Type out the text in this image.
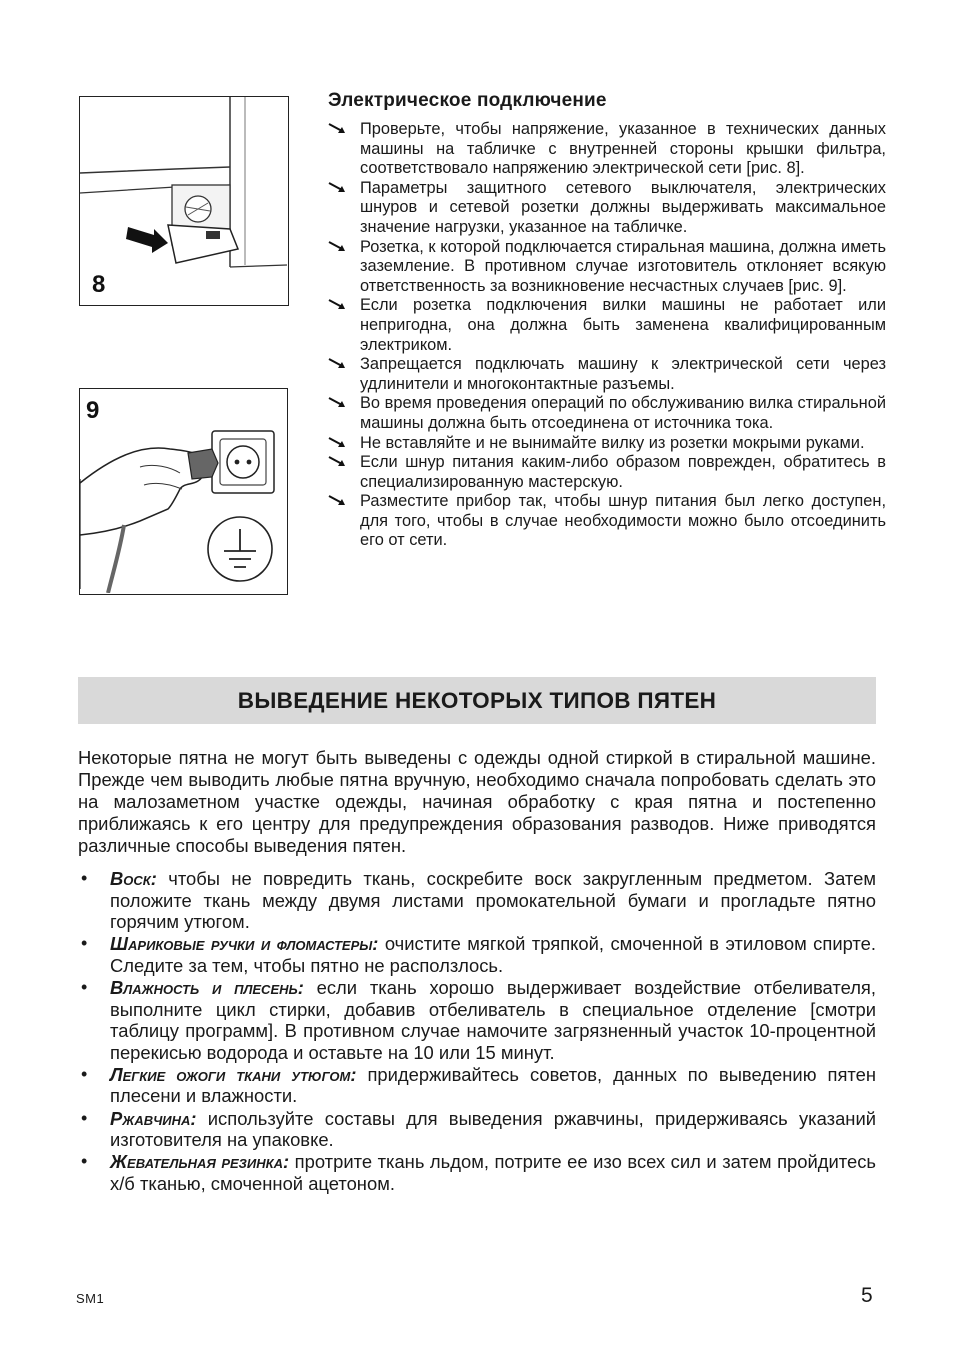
8
9
Электрическое подключение
Проверьте, чтобы напряжение, указанное в технических данных машины на табличке с внутренней стороны крышки фильтра, соответствовало напряжению электрической сети [рис. 8].
Параметры защитного сетевого выключателя, электрических шнуров и сетевой розетки должны выдерживать максимальное значение нагрузки, указанное на табличке.
Розетка, к которой подключается стиральная машина, должна иметь заземление. В противном случае изготовитель отклоняет всякую ответственность за возникновение несчастных случаев [рис. 9].
Если розетка подключения вилки машины не работает или непригодна, она должна быть заменена квалифицированным электриком.
Запрещается подключать машину к электрической сети через удлинители и многоконтактные разъемы.
Во время проведения операций по обслуживанию вилка стиральной машины должна быть отсоединена от источника тока.
Не вставляйте и не вынимайте вилку из розетки мокрыми руками.
Если шнур питания каким-либо образом поврежден, обратитесь в специализированную мастерскую.
Разместите прибор так, чтобы шнур питания был легко доступен, для того, чтобы в случае необходимости можно было отсоединить его от сети.
ВЫВЕДЕНИЕ НЕКОТОРЫХ ТИПОВ ПЯТЕН

Некоторые пятна не могут быть выведены с одежды одной стиркой в стиральной машине. Прежде чем выводить любые пятна вручную, необходимо сначала попробовать сделать это на малозаметном участке одежды, начиная обработку с края пятна и постепенно приближаясь к его центру для предупреждения образования разводов. Ниже приводятся различные способы выведения пятен.

• Воск: чтобы не повредить ткань, соскребите воск закругленным предметом. Затем положите ткань между двумя листами промокательной бумаги и прогладьте пятно горячим утюгом.
• Шариковые ручки и фломастеры: очистите мягкой тряпкой, смоченной в этиловом спирте. Следите за тем, чтобы пятно не расползлось.
• Влажность и плесень: если ткань хорошо выдерживает воздействие отбеливателя, выполните цикл стирки, добавив отбеливатель в специальное отделение [смотри таблицу программ]. В противном случае намочите загрязненный участок 10-процентной перекисью водорода и оставьте на 10 или 15 минут.
• Легкие ожоги ткани утюгом: придерживайтесь советов, данных по выведению пятен плесени и влажности.
• Ржавчина: используйте составы для выведения ржавчины, придерживаясь указаний изготовителя на упаковке.
• Жевательная резинка: протрите ткань льдом, потрите ее изо всех сил и затем пройдитесь х/б тканью, смоченной ацетоном.
SM1	5
